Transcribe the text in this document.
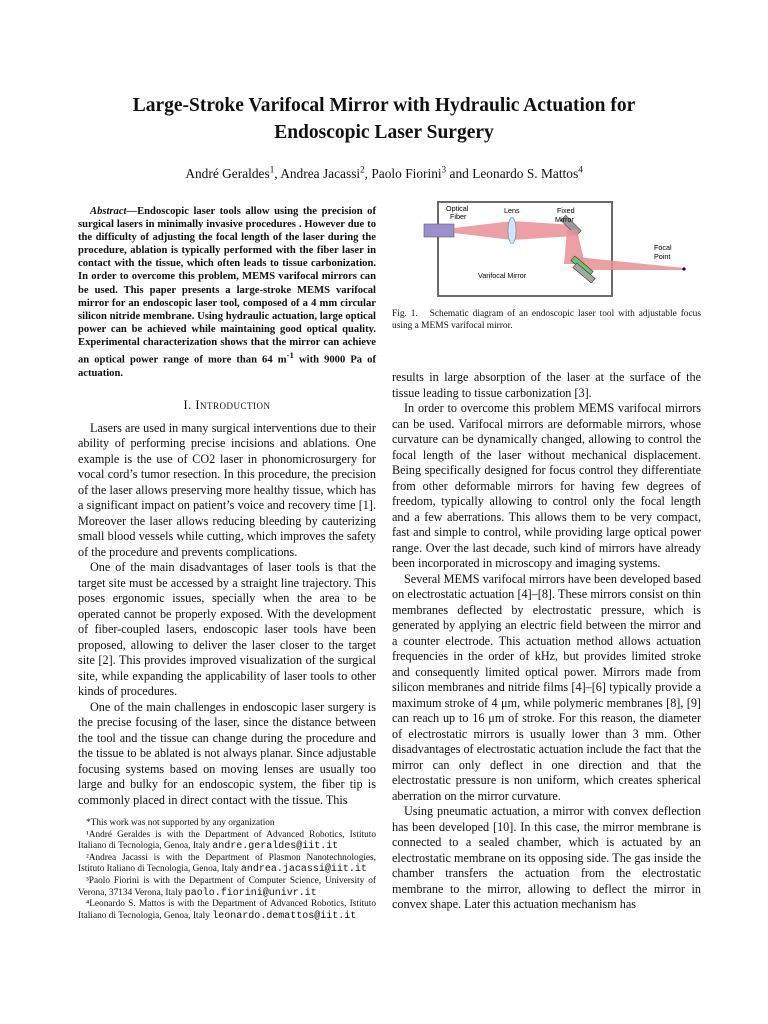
Large-Stroke Varifocal Mirror with Hydraulic Actuation for
Endoscopic Laser Surgery
André Geraldes$^1$, Andrea Jacassi$^2$, Paolo Fiorini$^3$ and Leonardo S. Mattos$^4$

Abstract—Endoscopic laser tools allow using the precision of surgical lasers in minimally invasive procedures . However due to the difficulty of adjusting the focal length of the laser during the procedure, ablation is typically performed with the fiber laser in contact with the tissue, which often leads to tissue carbonization. In order to overcome this problem, MEMS varifocal mirrors can be used. This paper presents a large-stroke MEMS varifocal mirror for an endoscopic laser tool, composed of a 4 mm circular silicon nitride membrane. Using hydraulic actuation, large optical power can be achieved while maintaining good optical quality. Experimental characterization shows that the mirror can achieve an optical power range of more than 64 $m^{-1}$ with 9000 Pa of actuation.

I. Introduction

Lasers are used in many surgical interventions due to their ability of performing precise incisions and ablations. One example is the use of CO2 laser in phonomicrosurgery for vocal cord’s tumor resection. In this procedure, the precision of the laser allows preserving more healthy tissue, which has a significant impact on patient’s voice and recovery time [1]. Moreover the laser allows reducing bleeding by cauterizing small blood vessels while cutting, which improves the safety of the procedure and prevents complications.

One of the main disadvantages of laser tools is that the target site must be accessed by a straight line trajectory. This poses ergonomic issues, specially when the area to be operated cannot be properly exposed. With the development of fiber-coupled lasers, endoscopic laser tools have been proposed, allowing to deliver the laser closer to the target site [2]. This provides improved visualization of the surgical site, while expanding the applicability of laser tools to other kinds of procedures.

One of the main challenges in endoscopic laser surgery is the precise focusing of the laser, since the distance between the tool and the tissue can change during the procedure and the tissue to be ablated is not always planar. Since adjustable focusing systems based on moving lenses are usually too large and bulky for an endoscopic system, the fiber tip is commonly placed in direct contact with the tissue. This

*This work was not supported by any organization

¹André Geraldes is with the Department of Advanced Robotics, Istituto Italiano di Tecnologia, Genoa, Italy andre.geraldes@iit.it

²Andrea Jacassi is with the Department of Plasmon Nanotechnologies, Istituto Italiano di Tecnologia, Genoa, Italy andrea.jacassi@iit.it

³Paolo Fiorini is with the Department of Computer Science, University of Verona, 37134 Verona, Italy paolo.fiorini@univr.it

⁴Leonardo S. Mattos is with the Department of Advanced Robotics, Istituto Italiano di Tecnologia, Genoa, Italy leonardo.demattos@iit.it

Optical
Fiber
Lens	Fixed
Mirror
Focal
Point
Varifocal Mirror

Fig. 1. Schematic diagram of an endoscopic laser tool with adjustable focus using a MEMS varifocal mirror.

results in large absorption of the laser at the surface of the tissue leading to tissue carbonization [3].

In order to overcome this problem MEMS varifocal mirrors can be used. Varifocal mirrors are deformable mirrors, whose curvature can be dynamically changed, allowing to control the focal length of the laser without mechanical displacement. Being specifically designed for focus control they differentiate from other deformable mirrors for having few degrees of freedom, typically allowing to control only the focal length and a few aberrations. This allows them to be very compact, fast and simple to control, while providing large optical power range. Over the last decade, such kind of mirrors have already been incorporated in microscopy and imaging systems.

Several MEMS varifocal mirrors have been developed based on electrostatic actuation [4]–[8]. These mirrors consist on thin membranes deflected by electrostatic pressure, which is generated by applying an electric field between the mirror and a counter electrode. This actuation method allows actuation frequencies in the order of kHz, but provides limited stroke and consequently limited optical power. Mirrors made from silicon membranes and nitride films [4]–[6] typically provide a maximum stroke of 4 μm, while polymeric membranes [8], [9] can reach up to 16 μm of stroke. For this reason, the diameter of electrostatic mirrors is usually lower than 3 mm. Other disadvantages of electrostatic actuation include the fact that the mirror can only deflect in one direction and that the electrostatic pressure is non uniform, which creates spherical aberration on the mirror curvature.

Using pneumatic actuation, a mirror with convex deflection has been developed [10]. In this case, the mirror membrane is connected to a sealed chamber, which is actuated by an electrostatic membrane on its opposing side. The gas inside the chamber transfers the actuation from the electrostatic membrane to the mirror, allowing to deflect the mirror in convex shape. Later this actuation mechanism has
